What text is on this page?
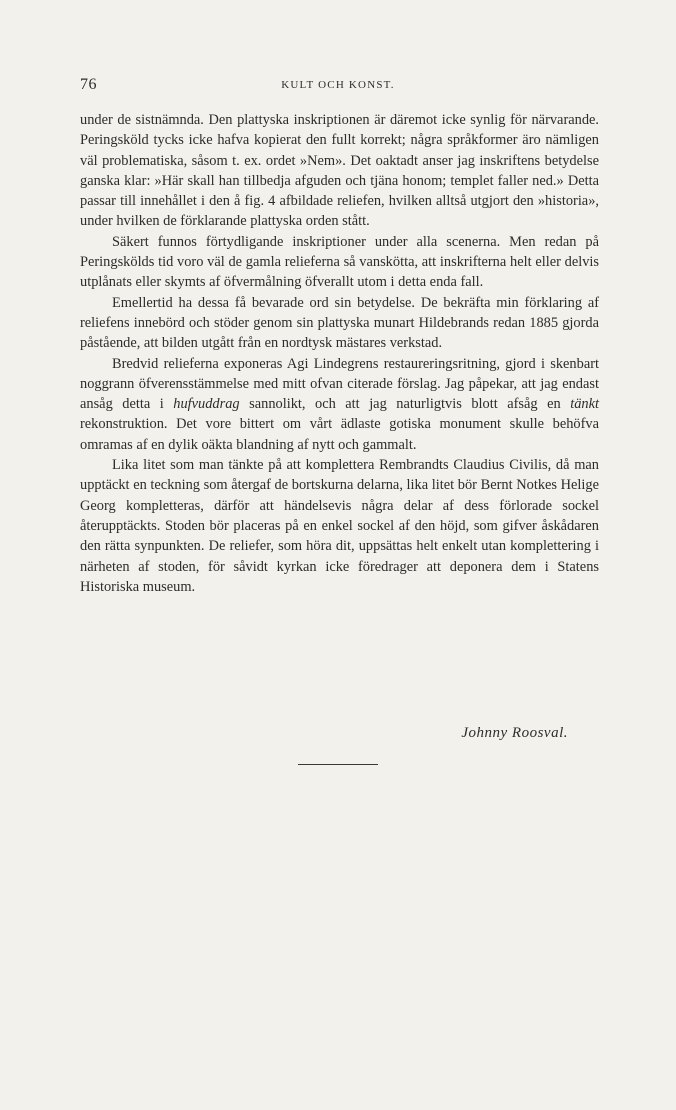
76	KULT OCH KONST.

under de sistnämnda. Den plattyska inskriptionen är däremot icke synlig för närvarande. Peringsköld tycks icke hafva kopierat den fullt korrekt; några språkformer äro nämligen väl problematiska, såsom t. ex. ordet »Nem». Det oaktadt anser jag inskriftens betydelse ganska klar: »Här skall han tillbedja afguden och tjäna honom; templet faller ned.» Detta passar till innehållet i den å fig. 4 afbildade reliefen, hvilken alltså utgjort den »historia», under hvilken de förklarande plattyska orden stått.

Säkert funnos förtydligande inskriptioner under alla scenerna. Men redan på Peringskölds tid voro väl de gamla relieferna så vanskötta, att inskrifterna helt eller delvis utplånats eller skymts af öfvermålning öfverallt utom i detta enda fall.

Emellertid ha dessa få bevarade ord sin betydelse. De bekräfta min förklaring af reliefens innebörd och stöder genom sin plattyska munart Hildebrands redan 1885 gjorda påstående, att bilden utgått från en nordtysk mästares verkstad.

Bredvid relieferna exponeras Agi Lindegrens restaureringsritning, gjord i skenbart noggrann öfverensstämmelse med mitt ofvan citerade förslag. Jag påpekar, att jag endast ansåg detta i hufvuddrag sannolikt, och att jag naturligtvis blott afsåg en tänkt rekonstruktion. Det vore bittert om vårt ädlaste gotiska monument skulle behöfva omramas af en dylik oäkta blandning af nytt och gammalt.

Lika litet som man tänkte på att komplettera Rembrandts Claudius Civilis, då man upptäckt en teckning som återgaf de bortskurna delarna, lika litet bör Bernt Notkes Helige Georg kompletteras, därför att händelsevis några delar af dess förlorade sockel återupptäckts. Stoden bör placeras på en enkel sockel af den höjd, som gifver åskådaren den rätta synpunkten. De reliefer, som höra dit, uppsättas helt enkelt utan komplettering i närheten af stoden, för såvidt kyrkan icke föredrager att deponera dem i Statens Historiska museum.

Johnny Roosval.
